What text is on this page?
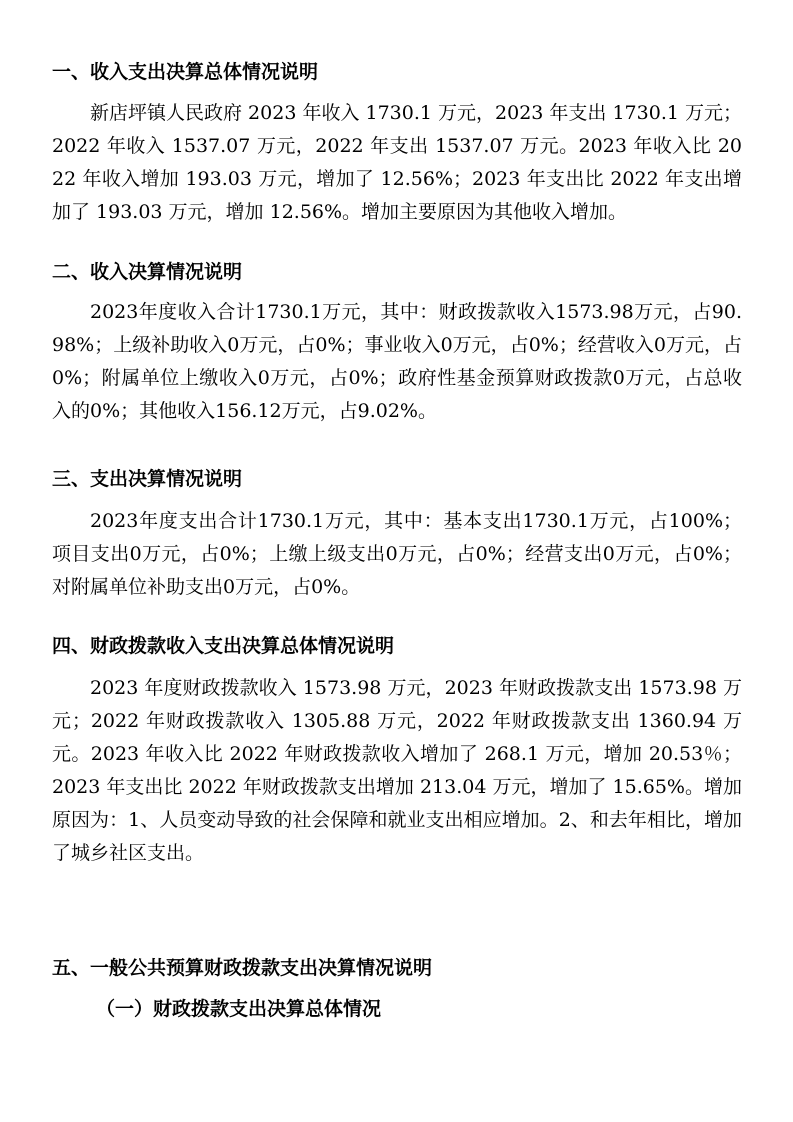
一、收入支出决算总体情况说明
新店坪镇人民政府 2023 年收入 1730.1 万元，2023 年支出 1730.1 万元；2022 年收入 1537.07 万元，2022 年支出 1537.07 万元。2023 年收入比 2022 年收入增加 193.03 万元，增加了 12.56%；2023 年支出比 2022 年支出增加了 193.03 万元，增加 12.56%。增加主要原因为其他收入增加。
二、收入决算情况说明
2023年度收入合计1730.1万元，其中：财政拨款收入1573.98万元，占90.98%；上级补助收入0万元，占0%；事业收入0万元，占0%；经营收入0万元，占0%；附属单位上缴收入0万元，占0%；政府性基金预算财政拨款0万元，占总收入的0%；其他收入156.12万元，占9.02%。
三、支出决算情况说明
2023年度支出合计1730.1万元，其中：基本支出1730.1万元，占100%；项目支出0万元，占0%；上缴上级支出0万元，占0%；经营支出0万元，占0%；对附属单位补助支出0万元，占0%。
四、财政拨款收入支出决算总体情况说明
2023 年度财政拨款收入 1573.98 万元，2023 年财政拨款支出 1573.98 万元；2022 年财政拨款收入 1305.88 万元，2022 年财政拨款支出 1360.94 万元。2023 年收入比 2022 年财政拨款收入增加了 268.1 万元，增加 20.53％；2023 年支出比 2022 年财政拨款支出增加 213.04 万元，增加了 15.65%。增加原因为：1、人员变动导致的社会保障和就业支出相应增加。2、和去年相比，增加了城乡社区支出。
五、一般公共预算财政拨款支出决算情况说明
（一）财政拨款支出决算总体情况
